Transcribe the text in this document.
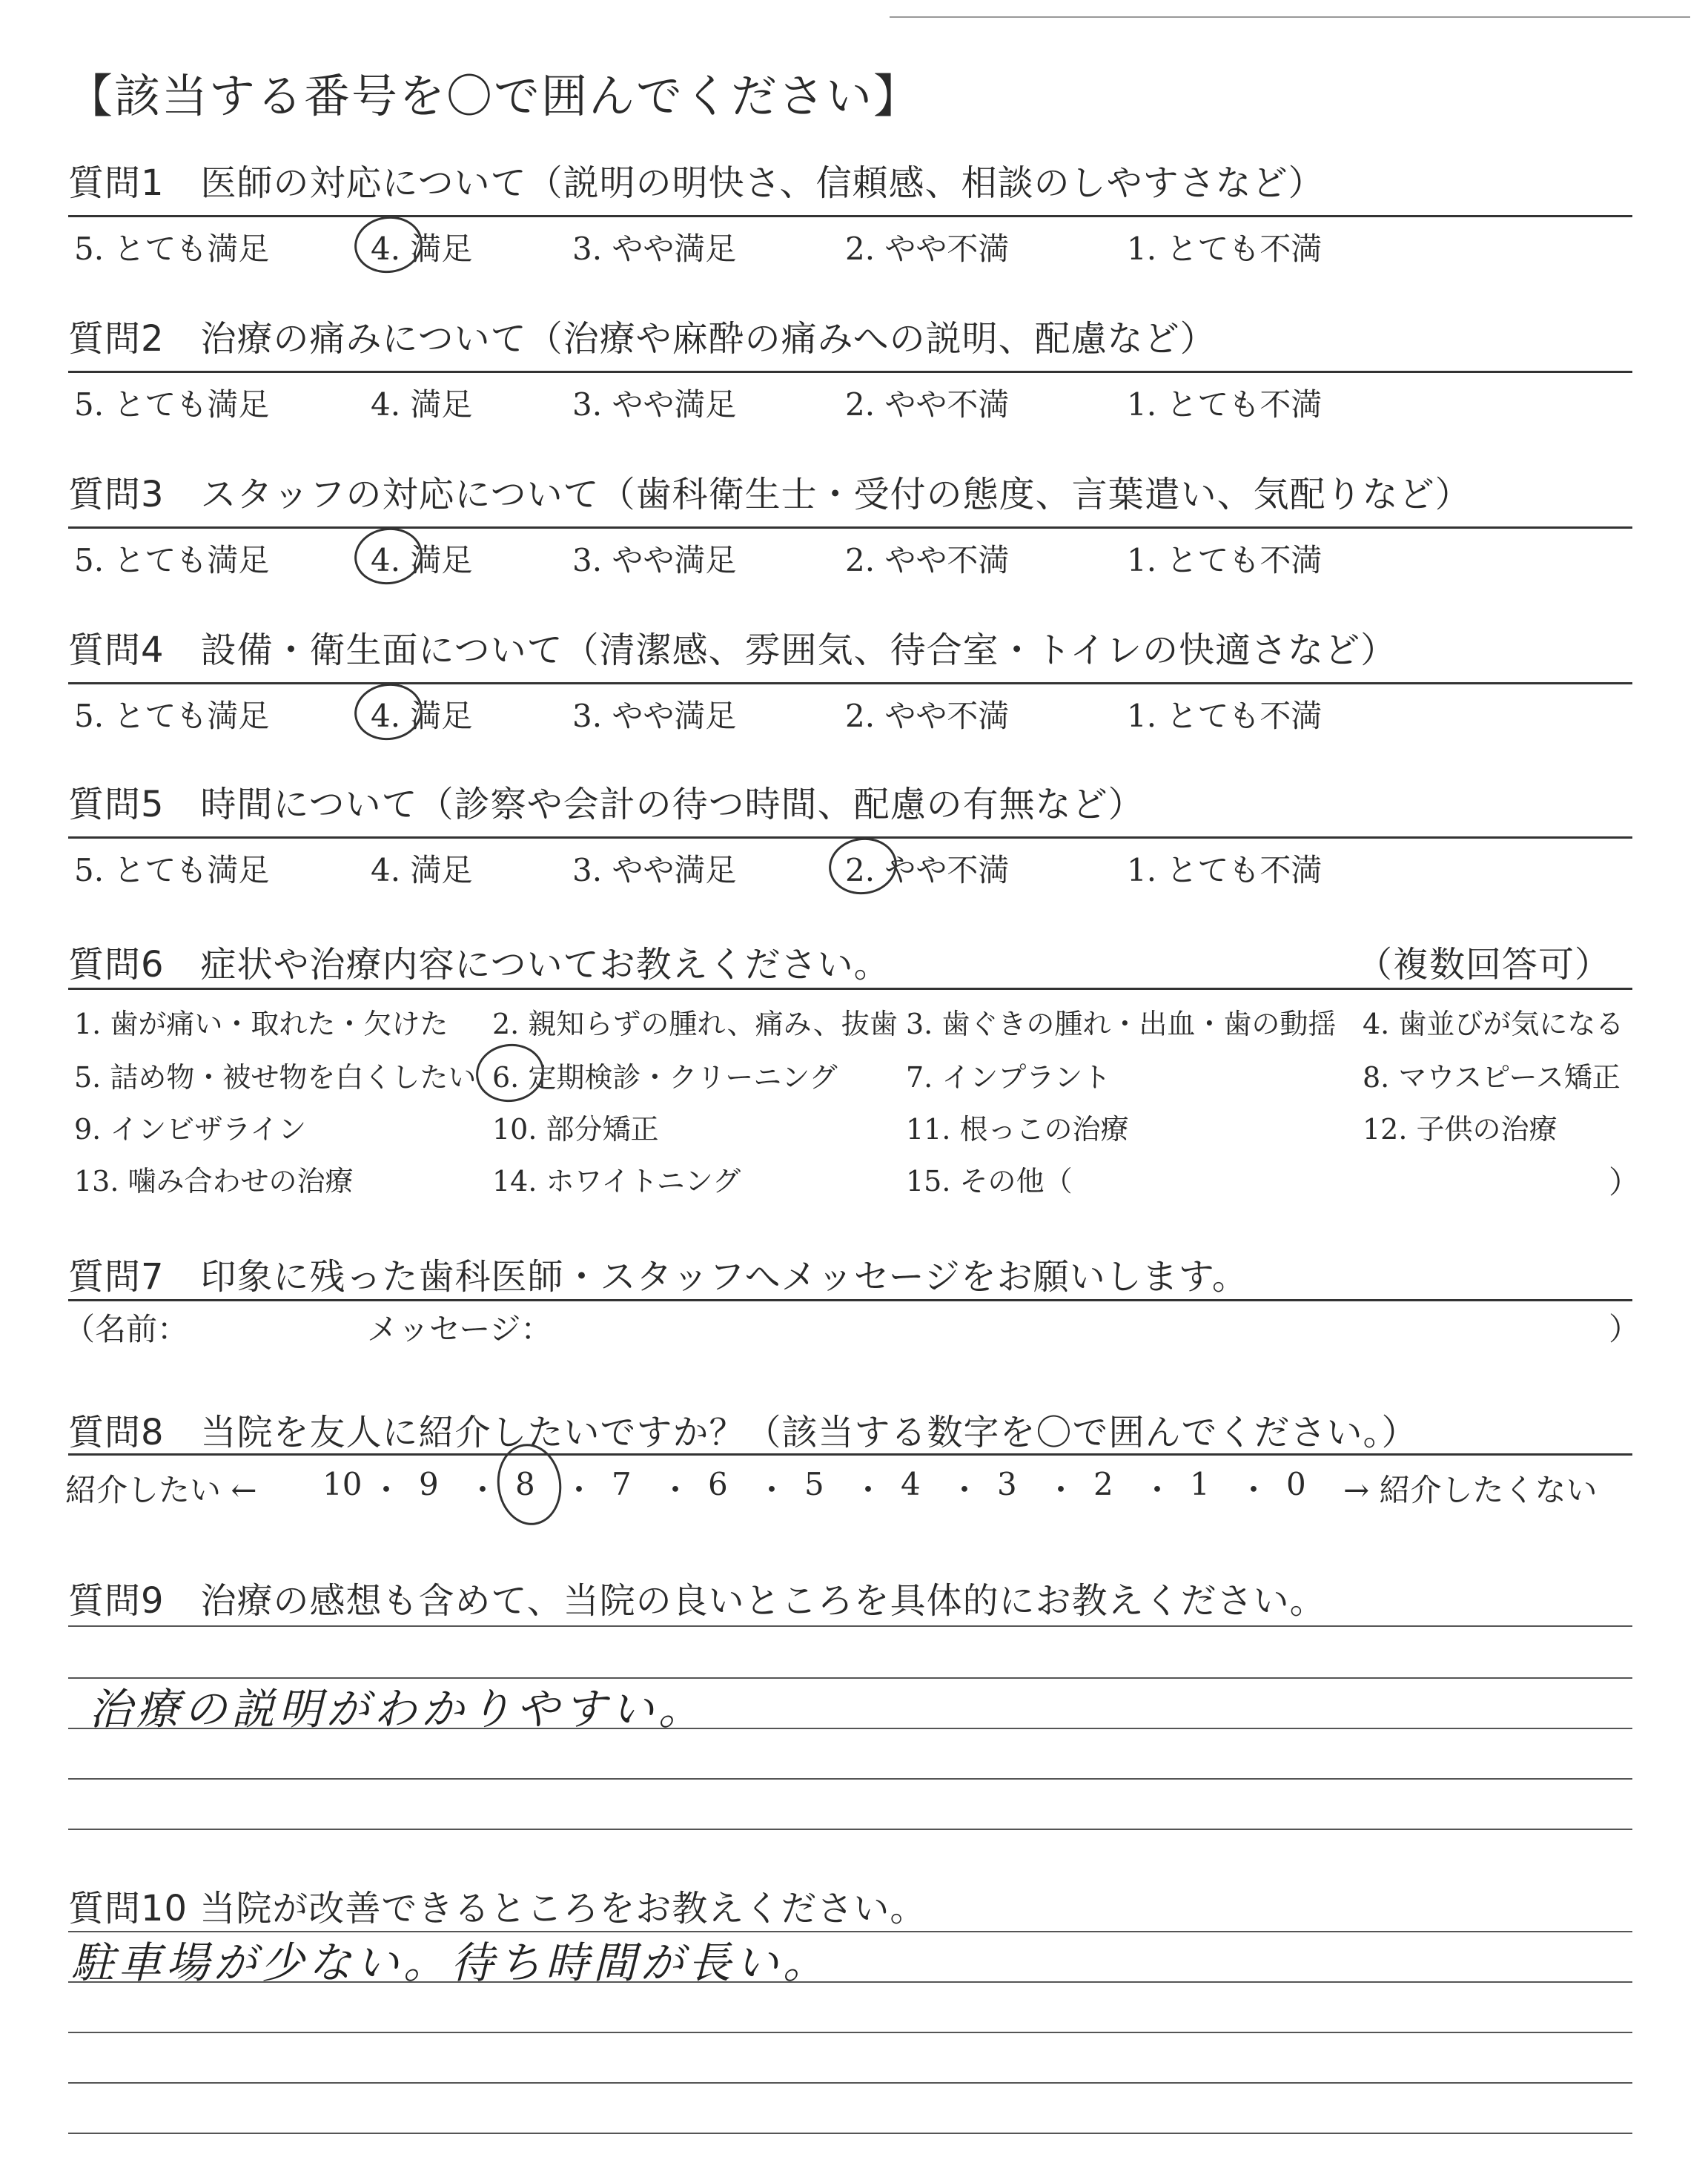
【該当する番号を〇で囲んでください】
質問1　医師の対応について（説明の明快さ、信頼感、相談のしやすさなど）
5. とても満足	4. 満足	3. やや満足	2. やや不満	1. とても不満
質問2　治療の痛みについて（治療や麻酔の痛みへの説明、配慮など）
5. とても満足	4. 満足	3. やや満足	2. やや不満	1. とても不満
質問3　スタッフの対応について（歯科衛生士・受付の態度、言葉遣い、気配りなど）
5. とても満足	4. 満足	3. やや満足	2. やや不満	1. とても不満
質問4　設備・衛生面について（清潔感、雰囲気、待合室・トイレの快適さなど）
5. とても満足	4. 満足	3. やや満足	2. やや不満	1. とても不満
質問5　時間について（診察や会計の待つ時間、配慮の有無など）
5. とても満足	4. 満足	3. やや満足	2. やや不満	1. とても不満
質問6　症状や治療内容についてお教えください。	（複数回答可）
1. 歯が痛い・取れた・欠けた 2. 親知らずの腫れ、痛み、抜歯 3. 歯ぐきの腫れ・出血・歯の動揺 4. 歯並びが気になる
5. 詰め物・被せ物を白くしたい 6. 定期検診・クリーニング 7. インプラント	8. マウスピース矯正
9. インビザライン	10. 部分矯正	11. 根っこの治療	12. 子供の治療
13. 噛み合わせの治療	14. ホワイトニング	15. その他（	）
質問7　印象に残った歯科医師・スタッフへメッセージをお願いします。
（名前：	メッセージ：	）
質問8　当院を友人に紹介したいですか？（該当する数字を〇で囲んでください。）
紹介したい ← 10 ・ 9 ・ 8 ・ 7 ・ 6 ・ 5 ・ 4 ・ 3 ・ 2 ・ 1 ・ 0 → 紹介したくない
質問9　治療の感想も含めて、当院の良いところを具体的にお教えください。
治療の説明がわかりやすい。
質問10 当院が改善できるところをお教えください。
駐車場が少ない。待ち時間が長い。
